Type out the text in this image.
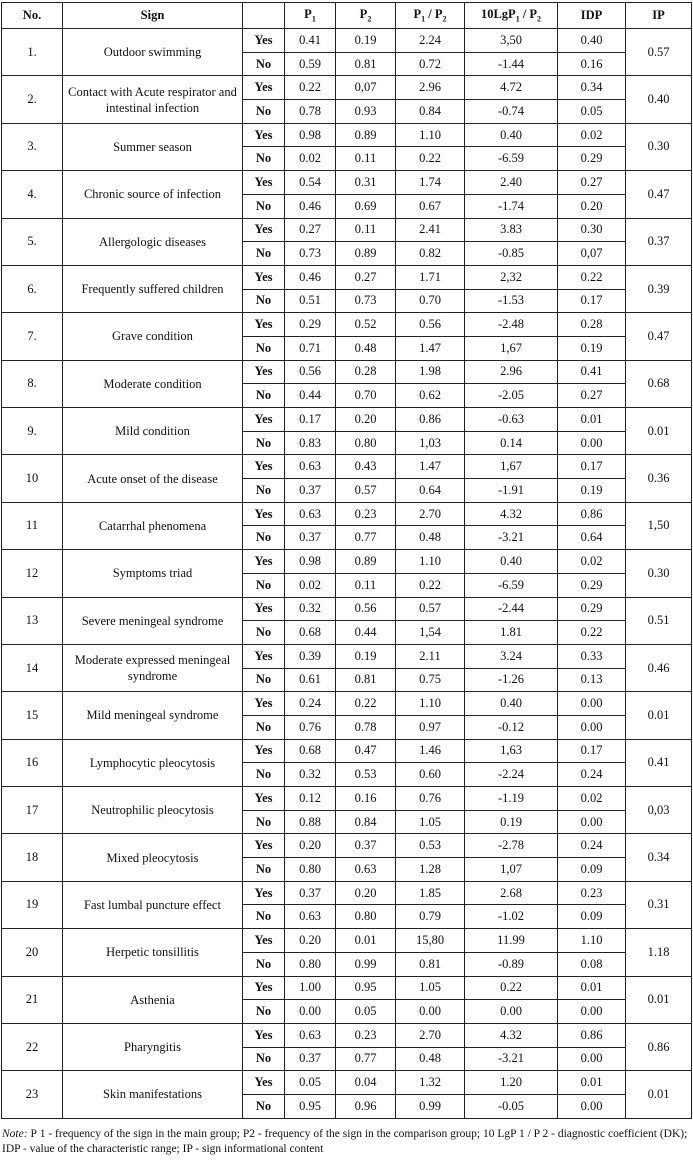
No.	Sign		$P_1$	$P_2$	$P_1 / P_2$	$10LgP_1 / P_2$	IDP	IP
1.	Outdoor swimming	Yes	0.41	0.19	2.24	3,50	0.40	0.57
		No	0.59	0.81	0.72	-1.44	0.16	
2.	Contact with Acute respirator and intestinal infection	Yes	0.22	0,07	2.96	4.72	0.34	0.40
		No	0.78	0.93	0.84	-0.74	0.05	
3.	Summer season	Yes	0.98	0.89	1.10	0.40	0.02	0.30
		No	0.02	0.11	0.22	-6.59	0.29	
4.	Chronic source of infection	Yes	0.54	0.31	1.74	2.40	0.27	0.47
		No	0.46	0.69	0.67	-1.74	0.20	
5.	Allergologic diseases	Yes	0.27	0.11	2.41	3.83	0.30	0.37
		No	0.73	0.89	0.82	-0.85	0,07	
6.	Frequently suffered children	Yes	0.46	0.27	1.71	2,32	0.22	0.39
		No	0.51	0.73	0.70	-1.53	0.17	
7.	Grave condition	Yes	0.29	0.52	0.56	-2.48	0.28	0.47
		No	0.71	0.48	1.47	1,67	0.19	
8.	Moderate condition	Yes	0.56	0.28	1.98	2.96	0.41	0.68
		No	0.44	0.70	0.62	-2.05	0.27	
9.	Mild condition	Yes	0.17	0.20	0.86	-0.63	0.01	0.01
		No	0.83	0.80	1,03	0.14	0.00	
10	Acute onset of the disease	Yes	0.63	0.43	1.47	1,67	0.17	0.36
		No	0.37	0.57	0.64	-1.91	0.19	
11	Catarrhal phenomena	Yes	0.63	0.23	2.70	4.32	0.86	1,50
		No	0.37	0.77	0.48	-3.21	0.64	
12	Symptoms triad	Yes	0.98	0.89	1.10	0.40	0.02	0.30
		No	0.02	0.11	0.22	-6.59	0.29	
13	Severe meningeal syndrome	Yes	0.32	0.56	0.57	-2.44	0.29	0.51
		No	0.68	0.44	1,54	1.81	0.22	
14	Moderate expressed meningeal syndrome	Yes	0.39	0.19	2.11	3.24	0.33	0.46
		No	0.61	0.81	0.75	-1.26	0.13	
15	Mild meningeal syndrome	Yes	0.24	0.22	1.10	0.40	0.00	0.01
		No	0.76	0.78	0.97	-0.12	0.00	
16	Lymphocytic pleocytosis	Yes	0.68	0.47	1.46	1,63	0.17	0.41
		No	0.32	0.53	0.60	-2.24	0.24	
17	Neutrophilic pleocytosis	Yes	0.12	0.16	0.76	-1.19	0.02	0,03
		No	0.88	0.84	1.05	0.19	0.00	
18	Mixed pleocytosis	Yes	0.20	0.37	0.53	-2.78	0.24	0.34
		No	0.80	0.63	1.28	1,07	0.09	
19	Fast lumbal puncture effect	Yes	0.37	0.20	1.85	2.68	0.23	0.31
		No	0.63	0.80	0.79	-1.02	0.09	
20	Herpetic tonsillitis	Yes	0.20	0.01	15,80	11.99	1.10	1.18
		No	0.80	0.99	0.81	-0.89	0.08	
21	Asthenia	Yes	1.00	0.95	1.05	0.22	0.01	0.01
		No	0.00	0.05	0.00	0.00	0.00	
22	Pharyngitis	Yes	0.63	0.23	2.70	4.32	0.86	0.86
		No	0.37	0.77	0.48	-3.21	0.00	
23	Skin manifestations	Yes	0.05	0.04	1.32	1.20	0.01	0.01
		No	0.95	0.96	0.99	-0.05	0.00	
Note: P 1 - frequency of the sign in the main group; P2 - frequency of the sign in the comparison group; 10 LgP 1 / P 2 - diagnostic coefficient (DK); IDP - value of the characteristic range; IP - sign informational content
